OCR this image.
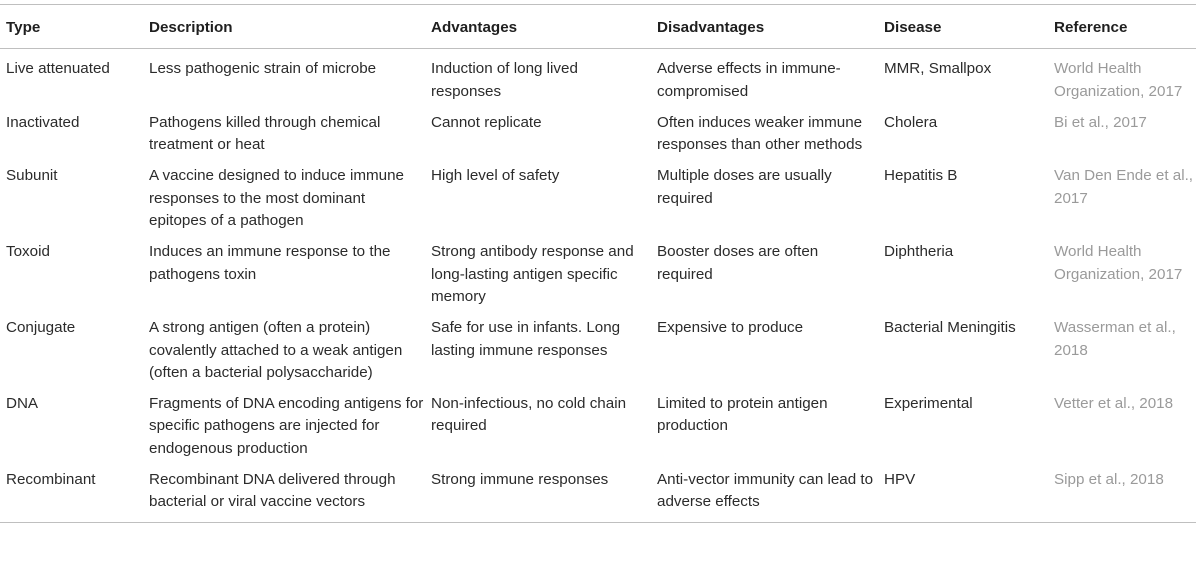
Type	Description	Advantages	Disadvantages	Disease	Reference
Live attenuated	Less pathogenic strain of microbe	Induction of long lived responses	Adverse effects in immune-compromised	MMR, Smallpox	World Health Organization, 2017
Inactivated	Pathogens killed through chemical treatment or heat	Cannot replicate	Often induces weaker immune responses than other methods	Cholera	Bi et al., 2017
Subunit	A vaccine designed to induce immune responses to the most dominant epitopes of a pathogen	High level of safety	Multiple doses are usually required	Hepatitis B	Van Den Ende et al., 2017
Toxoid	Induces an immune response to the pathogens toxin	Strong antibody response and long-lasting antigen specific memory	Booster doses are often required	Diphtheria	World Health Organization, 2017
Conjugate	A strong antigen (often a protein) covalently attached to a weak antigen (often a bacterial polysaccharide)	Safe for use in infants. Long lasting immune responses	Expensive to produce	Bacterial Meningitis	Wasserman et al., 2018
DNA	Fragments of DNA encoding antigens for specific pathogens are injected for endogenous production	Non-infectious, no cold chain required	Limited to protein antigen production	Experimental	Vetter et al., 2018
Recombinant	Recombinant DNA delivered through bacterial or viral vaccine vectors	Strong immune responses	Anti-vector immunity can lead to adverse effects	HPV	Sipp et al., 2018
